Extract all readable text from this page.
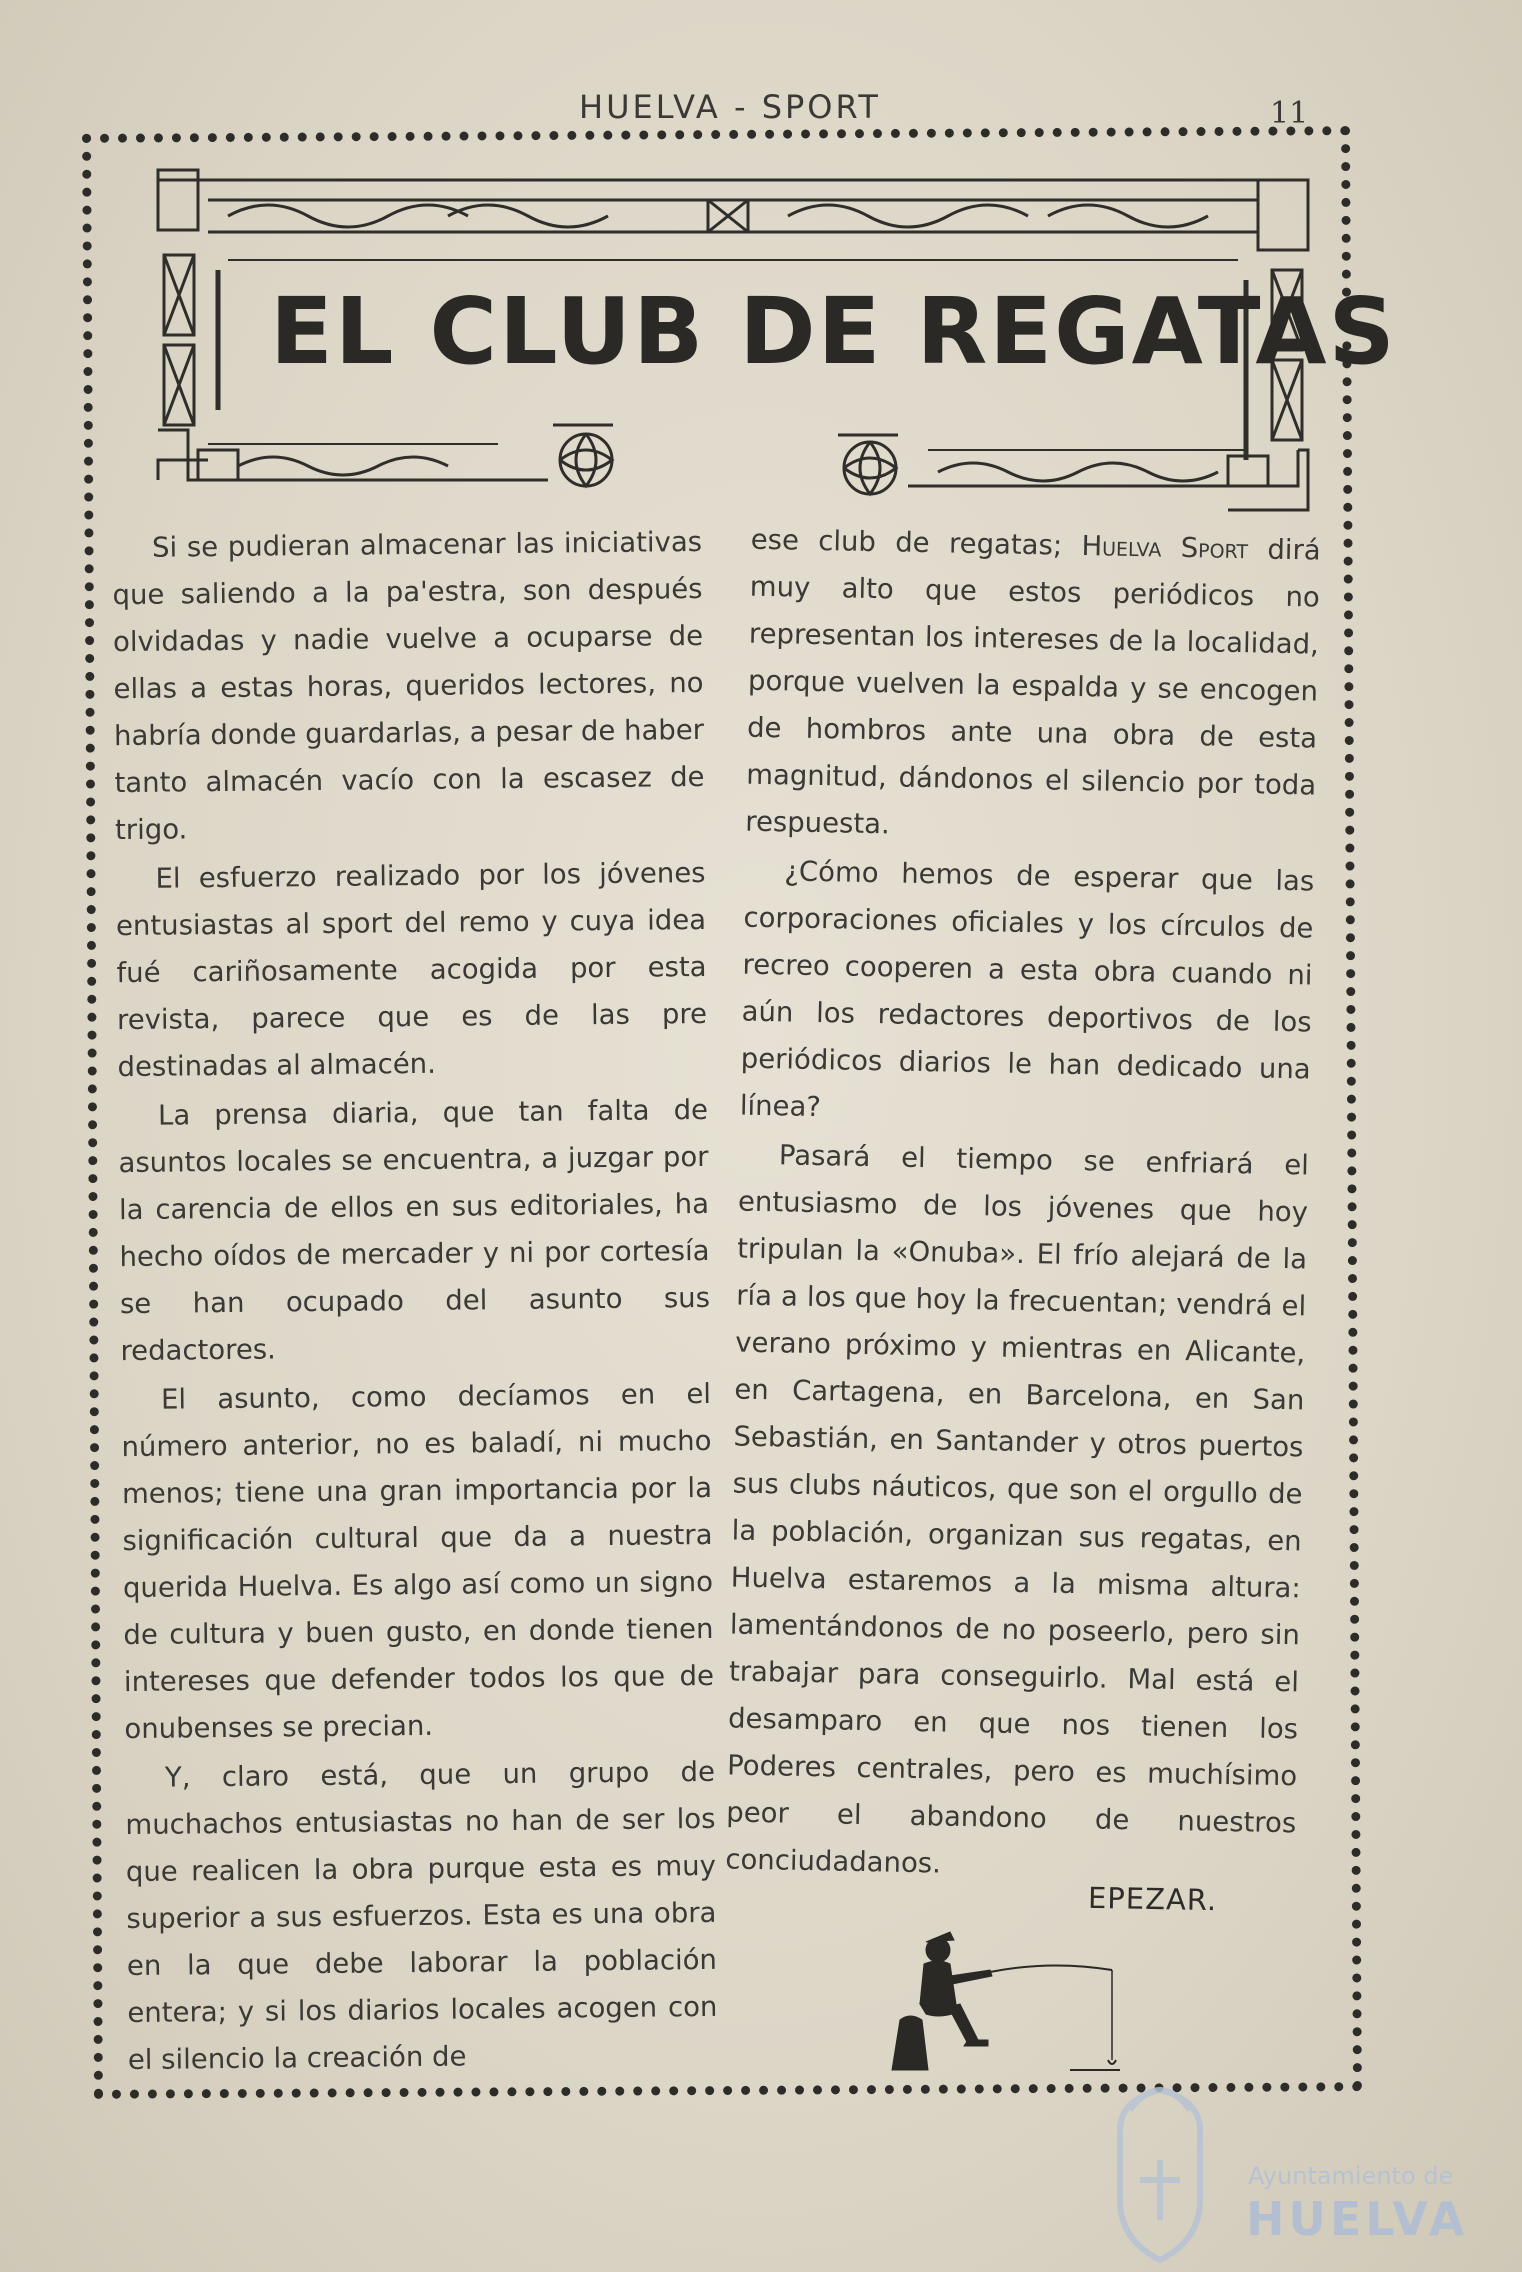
HUELVA - SPORT	11
EL CLUB DE REGATAS

Si se pudieran almacenar las iniciativas que saliendo a la pa'estra, son después olvidadas y nadie vuelve a ocuparse de ellas a estas horas, queridos lectores, no habría donde guardarlas, a pesar de haber tanto almacén vacío con la escasez de trigo.

El esfuerzo realizado por los jóvenes entusiastas al sport del remo y cuya idea fué cariñosamente acogida por esta revista, parece que es de las pre destinadas al almacén.

La prensa diaria, que tan falta de asuntos locales se encuentra, a juzgar por la carencia de ellos en sus editoriales, ha hecho oídos de mercader y ni por cortesía se han ocupado del asunto sus redactores.

El asunto, como decíamos en el número anterior, no es baladí, ni mucho menos; tiene una gran importancia por la significación cultural que da a nuestra querida Huelva. Es algo así como un signo de cultura y buen gusto, en donde tienen intereses que defender todos los que de onubenses se precian.

Y, claro está, que un grupo de muchachos entusiastas no han de ser los que realicen la obra purque esta es muy superior a sus esfuerzos. Esta es una obra en la que debe laborar la población entera; y si los diarios locales acogen con el silencio la creación de

ese club de regatas; Huelva Sport dirá muy alto que estos periódicos no representan los intereses de la localidad, porque vuelven la espalda y se encogen de hombros ante una obra de esta magnitud, dándonos el silencio por toda respuesta.

¿Cómo hemos de esperar que las corporaciones oficiales y los círculos de recreo cooperen a esta obra cuando ni aún los redactores deportivos de los periódicos diarios le han dedicado una línea?

Pasará el tiempo se enfriará el entusiasmo de los jóvenes que hoy tripulan la «Onuba». El frío alejará de la ría a los que hoy la frecuentan; vendrá el verano próximo y mientras en Alicante, en Cartagena, en Barcelona, en San Sebastián, en Santander y otros puertos sus clubs náuticos, que son el orgullo de la población, organizan sus regatas, en Huelva estaremos a la misma altura: lamentándonos de no poseerlo, pero sin trabajar para conseguirlo. Mal está el desamparo en que nos tienen los Poderes centrales, pero es muchísimo peor el abandono de nuestros conciudadanos.

EPEZAR.
Ayuntamiento de
HUELVA
